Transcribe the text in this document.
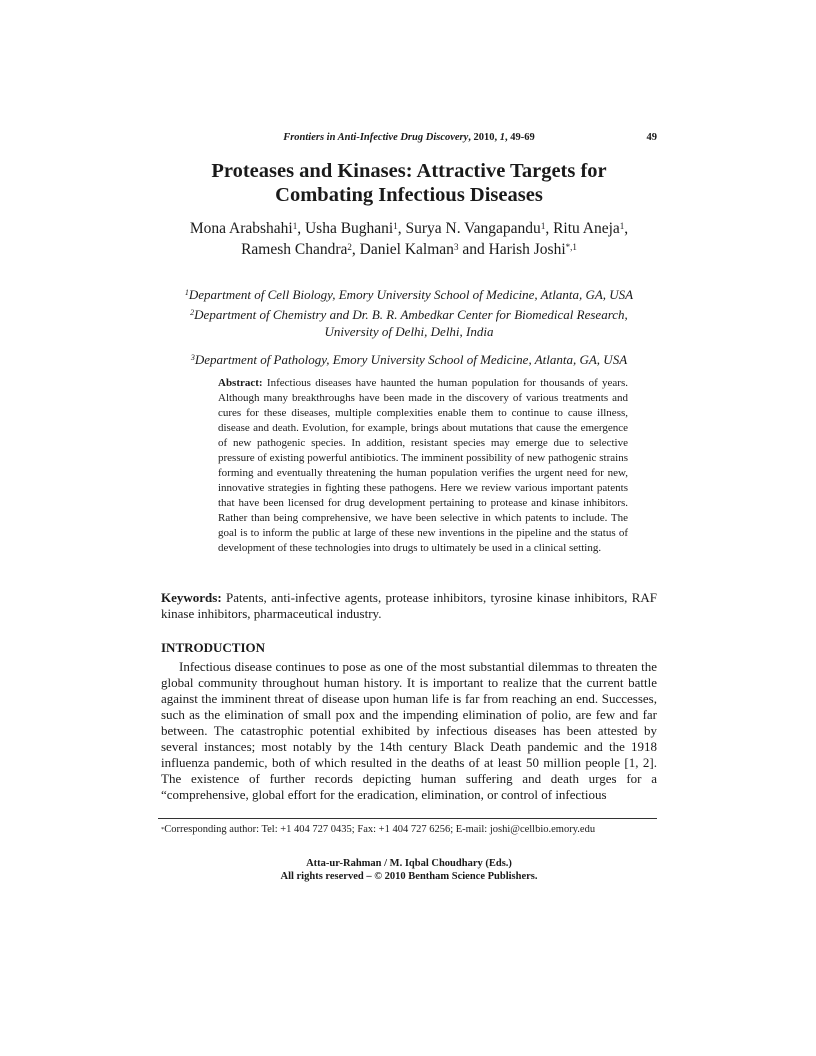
Frontiers in Anti-Infective Drug Discovery, 2010, 1, 49-69	49
Proteases and Kinases: Attractive Targets for
Combating Infectious Diseases
Mona Arabshahi$^1$, Usha Bughani$^1$, Surya N. Vangapandu$^1$, Ritu Aneja$^1$,
Ramesh Chandra$^2$, Daniel Kalman$^3$ and Harish Joshi$^{*,1}$
$^1$Department of Cell Biology, Emory University School of Medicine, Atlanta, GA, USA
$^2$Department of Chemistry and Dr. B. R. Ambedkar Center for Biomedical Research,
University of Delhi, Delhi, India
$^3$Department of Pathology, Emory University School of Medicine, Atlanta, GA, USA
Abstract: Infectious diseases have haunted the human population for thousands of years. Although many breakthroughs have been made in the discovery of various treatments and cures for these diseases, multiple complexities enable them to continue to cause illness, disease and death. Evolution, for example, brings about mutations that cause the emergence of new pathogenic species. In addition, resistant species may emerge due to selective pressure of existing powerful antibiotics. The imminent possibility of new pathogenic strains forming and eventually threatening the human population verifies the urgent need for new, innovative strategies in fighting these pathogens. Here we review various important patents that have been licensed for drug development pertaining to protease and kinase inhibitors. Rather than being comprehensive, we have been selective in which patents to include. The goal is to inform the public at large of these new inventions in the pipeline and the status of development of these technologies into drugs to ultimately be used in a clinical setting.
Keywords: Patents, anti-infective agents, protease inhibitors, tyrosine kinase inhibitors, RAF kinase inhibitors, pharmaceutical industry.
INTRODUCTION
Infectious disease continues to pose as one of the most substantial dilemmas to threaten the global community throughout human history. It is important to realize that the current battle against the imminent threat of disease upon human life is far from reaching an end. Successes, such as the elimination of small pox and the impending elimination of polio, are few and far between. The catastrophic potential exhibited by infectious diseases has been attested by several instances; most notably by the 14th century Black Death pandemic and the 1918 influenza pandemic, both of which resulted in the deaths of at least 50 million people [1, 2]. The existence of further records depicting human suffering and death urges for a “comprehensive, global effort for the eradication, elimination, or control of infectious
*Corresponding author: Tel: +1 404 727 0435; Fax: +1 404 727 6256; E-mail: joshi@cellbio.emory.edu
Atta-ur-Rahman / M. Iqbal Choudhary (Eds.)
All rights reserved – © 2010 Bentham Science Publishers.
